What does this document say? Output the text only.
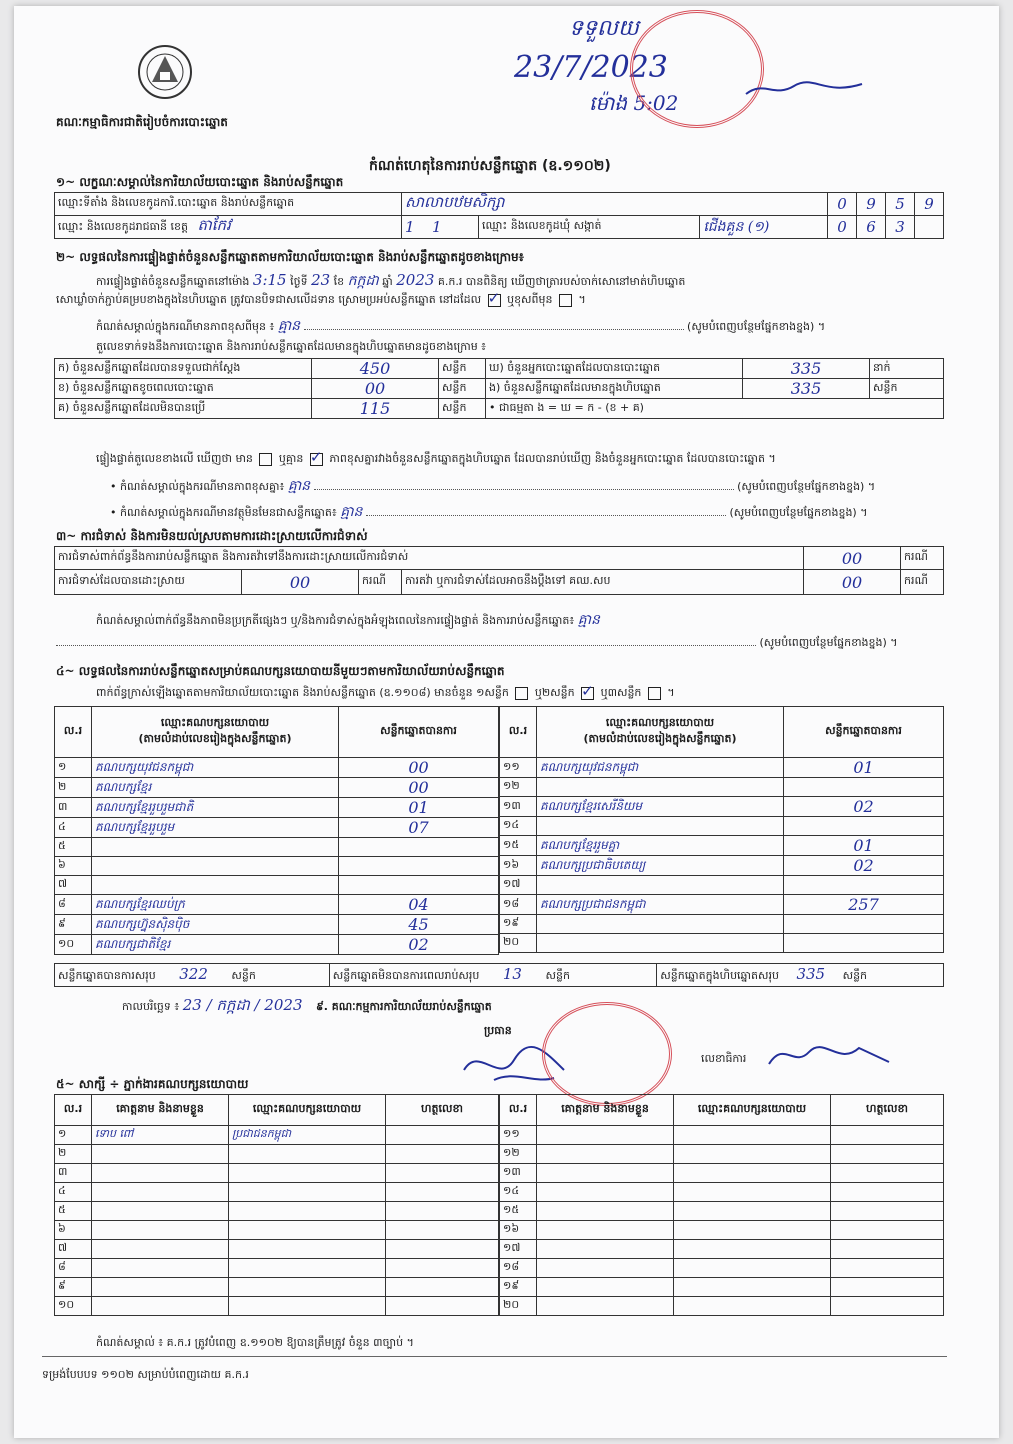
គណៈកម្មាធិការជាតិរៀបចំការបោះឆ្នោត
ទទួលយ
23/7/2023
ម៉ោង 5:02
កំណត់ហេតុនៃការរាប់សន្លឹកឆ្នោត (ឧ.១១០២)
១~ លក្ខណៈសម្គាល់នៃការិយាល័យបោះឆ្នោត និងរាប់សន្លឹកឆ្នោត
ឈ្មោះទីតាំង និងលេខកូដការិ.បោះឆ្នោត និងរាប់សន្លឹកឆ្នោត	សាលាបឋមសិក្សា			0	9	5	9
ឈ្មោះ និងលេខកូដរាជធានី ខេត្ត តាកែវ	1 1	ឈ្មោះ និងលេខកូដឃុំ សង្កាត់	ជើងគួន (១)	0	6	3	
២~ លទ្ធផលនៃការផ្ទៀងផ្ទាត់ចំនួនសន្លឹកឆ្នោតតាមការិយាល័យបោះឆ្នោត និងរាប់សន្លឹកឆ្នោតដូចខាងក្រោម៖
ការផ្ទៀងផ្ទាត់ចំនួនសន្លឹកឆ្នោតនៅម៉ោង 3:15 ថ្ងៃទី 23 ខែ កក្កដា ឆ្នាំ 2023 គ.ក.រ បានពិនិត្យ ឃើញថាត្រារបស់ចាក់សោនៅមាត់ហិបឆ្នោត
សោឃ្លាំចាក់ភ្ជាប់គម្របខាងក្នុងនៃហិបឆ្នោត ត្រូវបានបិទជាសលើដទាន ស្រោមប្រអប់សន្លឹកឆ្នោត នៅដដែល ✓ ឬខុសពីមុន  ។
កំណត់សម្គាល់ក្នុងករណីមានភាពខុសពីមុន ៖ គ្មាន	(សូមបំពេញបន្ថែមផ្នែកខាងខ្នង) ។
តួលេខទាក់ទងនឹងការបោះឆ្នោត និងការរាប់សន្លឹកឆ្នោតដែលមានក្នុងហិបឆ្នោតមានដូចខាងក្រោម ៖
ក) ចំនួនសន្លឹកឆ្នោតដែលបានទទួលជាក់ស្ដែង	450	សន្លឹក	ឃ) ចំនួនអ្នកបោះឆ្នោតដែលបានបោះឆ្នោត	335	នាក់
ខ) ចំនួនសន្លឹកឆ្នោតខូចពេលបោះឆ្នោត	00	សន្លឹក	ង) ចំនួនសន្លឹកឆ្នោតដែលមានក្នុងហិបឆ្នោត	335	សន្លឹក
គ) ចំនួនសន្លឹកឆ្នោតដែលមិនបានប្រើ	115	សន្លឹក	• ជាធម្មតា ង = ឃ = ក - (ខ + គ)		
ផ្ទៀងផ្ទាត់តួលេខខាងលើ ឃើញថា មាន ឬគ្មាន ✓ ភាពខុសគ្នារវាងចំនួនសន្លឹកឆ្នោតក្នុងហិបឆ្នោត ដែលបានរាប់ឃើញ និងចំនួនអ្នកបោះឆ្នោត ដែលបានបោះឆ្នោត ។
• កំណត់សម្គាល់ក្នុងករណីមានភាពខុសគ្នា៖ គ្មាន	(សូមបំពេញបន្ថែមផ្នែកខាងខ្នង) ។
• កំណត់សម្គាល់ក្នុងករណីមានវត្ថុមិនមែនជាសន្លឹកឆ្នោត៖ គ្មាន	(សូមបំពេញបន្ថែមផ្នែកខាងខ្នង) ។
៣~ ការជំទាស់ និងការមិនយល់ស្របតាមការដោះស្រាយលើការជំទាស់
ការជំទាស់ពាក់ព័ន្ធនឹងការរាប់សន្លឹកឆ្នោត និងការតវ៉ាទៅនឹងការដោះស្រាយលើការជំទាស់				00	ករណី
ការជំទាស់ដែលបានដោះស្រាយ	00	ករណី	ការតវ៉ា ឬការជំទាស់ដែលអាចនឹងប្ដឹងទៅ គឈ.សប	00	ករណី
កំណត់សម្គាល់ពាក់ព័ន្ធនឹងភាពមិនប្រក្រតីផ្សេងៗ ឬ/និងការជំទាស់ក្នុងអំឡុងពេលនៃការផ្ទៀងផ្ទាត់ និងការរាប់សន្លឹកឆ្នោត៖ គ្មាន
(សូមបំពេញបន្ថែមផ្នែកខាងខ្នង) ។
៤~ លទ្ធផលនៃការរាប់សន្លឹកឆ្នោតសម្រាប់គណបក្សនយោបាយនីមួយៗតាមការិយាល័យរាប់សន្លឹកឆ្នោត
ពាក់ព័ន្ធក្រាស់ឡើងឆ្នោតតាមការិយាល័យបោះឆ្នោត និងរាប់សន្លឹកឆ្នោត (ឧ.១១០៨) មានចំនួន ១សន្លឹក ឬ២សន្លឹក ✓ ឬ៣សន្លឹក  ។
ល.រ	ឈ្មោះគណបក្សនយោបាយ
(តាមលំដាប់លេខរៀងក្នុងសន្លឹកឆ្នោត)	សន្លឹកឆ្នោតបានការ
១	គណបក្សយុវជនកម្ពុជា	00
២	គណបក្សខ្មែរ	00
៣	គណបក្សខ្មែររួបរួមជាតិ	01
៤	គណបក្សខ្មែររួបរួម	07
៥		
៦		
៧		
៨	គណបក្សខ្មែរឈប់ក្រ	04
៩	គណបក្សហ្វ៊ុនស៊ិនប៉ិច	45
១០	គណបក្សជាតិខ្មែរ	02
ល.រ	ឈ្មោះគណបក្សនយោបាយ
(តាមលំដាប់លេខរៀងក្នុងសន្លឹកឆ្នោត)	សន្លឹកឆ្នោតបានការ
១១	គណបក្សយុវជនកម្ពុជា	01
១២		
១៣	គណបក្សខ្មែរសេរីនិយម	02
១៤		
១៥	គណបក្សខ្មែររួមគ្នា	01
១៦	គណបក្សប្រជាធិបតេយ្យ	02
១៧		
១៨	គណបក្សប្រជាជនកម្ពុជា	257
១៩		
២០		
សន្លឹកឆ្នោតបានការសរុប 322 សន្លឹក	សន្លឹកឆ្នោតមិនបានការពេលរាប់សរុប 13 សន្លឹក	សន្លឹកឆ្នោតក្នុងហិបឆ្នោតសរុប 335 សន្លឹក
កាលបរិច្ឆេទ ៖ 23 / កក្កដា / 2023 ៩. គណៈកម្មការការិយាល័យរាប់សន្លឹកឆ្នោត
ប្រធាន
លេខាធិការ
៥~ សាក្សី ÷ ភ្នាក់ងារគណបក្សនយោបាយ
ល.រ	គោត្តនាម និងនាមខ្លួន	ឈ្មោះគណបក្សនយោបាយ	ហត្ថលេខា
១	ទោប ពៅ	ប្រជាជនកម្ពុជា	
២			
៣			
៤			
៥			
៦			
៧			
៨			
៩			
១០			
ល.រ	គោត្តនាម និងនាមខ្លួន	ឈ្មោះគណបក្សនយោបាយ	ហត្ថលេខា
១១			
១២			
១៣			
១៤			
១៥			
១៦			
១៧			
១៨			
១៩			
២០			
កំណត់សម្គាល់ ៖ គ.ក.រ ត្រូវបំពេញ ឧ.១១០២ ឱ្យបានត្រឹមត្រូវ ចំនួន ៣ច្បាប់ ។
ទម្រង់បែបបទ ១១០២ សម្រាប់បំពេញដោយ គ.ក.រ
